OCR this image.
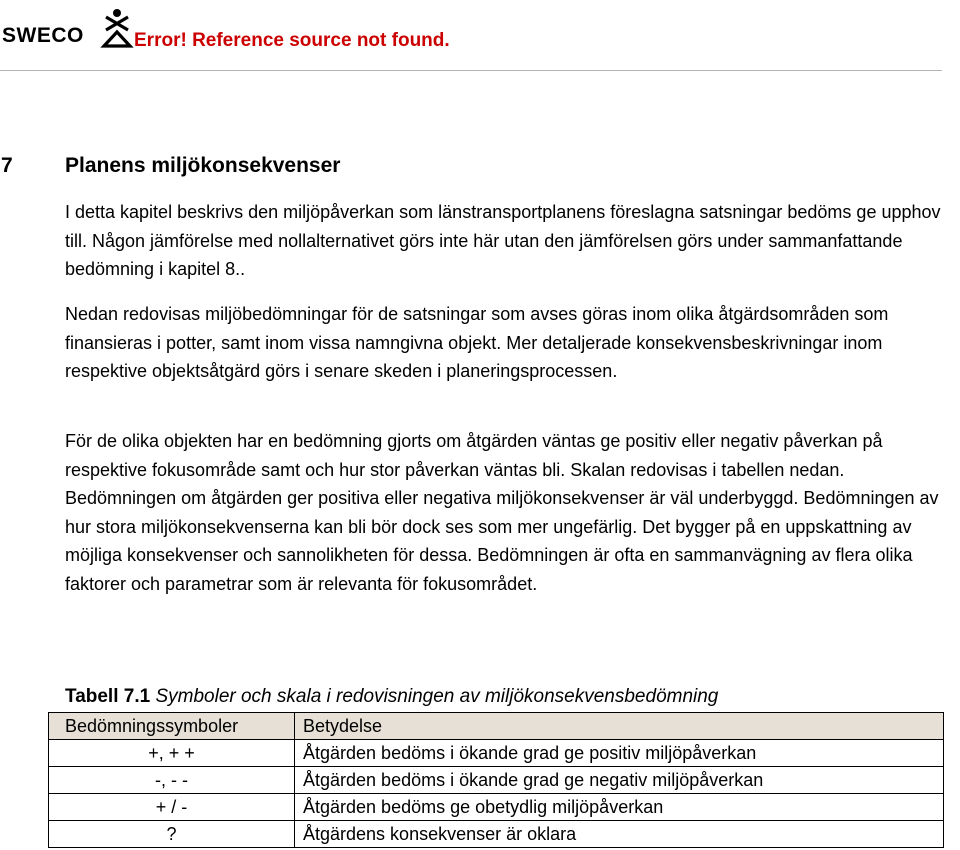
SWECO	Error! Reference source not found.
7 Planens miljökonsekvenser
I detta kapitel beskrivs den miljöpåverkan som länstransportplanens föreslagna satsningar bedöms ge upphov till. Någon jämförelse med nollalternativet görs inte här utan den jämförelsen görs under sammanfattande bedömning i kapitel 8..
Nedan redovisas miljöbedömningar för de satsningar som avses göras inom olika åtgärdsområden som finansieras i potter, samt inom vissa namngivna objekt. Mer detaljerade konsekvensbeskrivningar inom respektive objektsåtgärd görs i senare skeden i planeringsprocessen.
För de olika objekten har en bedömning gjorts om åtgärden väntas ge positiv eller negativ påverkan på respektive fokusområde samt och hur stor påverkan väntas bli. Skalan redovisas i tabellen nedan. Bedömningen om åtgärden ger positiva eller negativa miljökonsekvenser är väl underbyggd. Bedömningen av hur stora miljökonsekvenserna kan bli bör dock ses som mer ungefärlig. Det bygger på en uppskattning av möjliga konsekvenser och sannolikheten för dessa. Bedömningen är ofta en sammanvägning av flera olika faktorer och parametrar som är relevanta för fokusområdet.
Tabell 7.1 Symboler och skala i redovisningen av miljökonsekvensbedömning
Bedömningssymboler	Betydelse
+, + +	Åtgärden bedöms i ökande grad ge positiv miljöpåverkan
-, - -	Åtgärden bedöms i ökande grad ge negativ miljöpåverkan
+ / -	Åtgärden bedöms ge obetydlig miljöpåverkan
?	Åtgärdens konsekvenser är oklara
